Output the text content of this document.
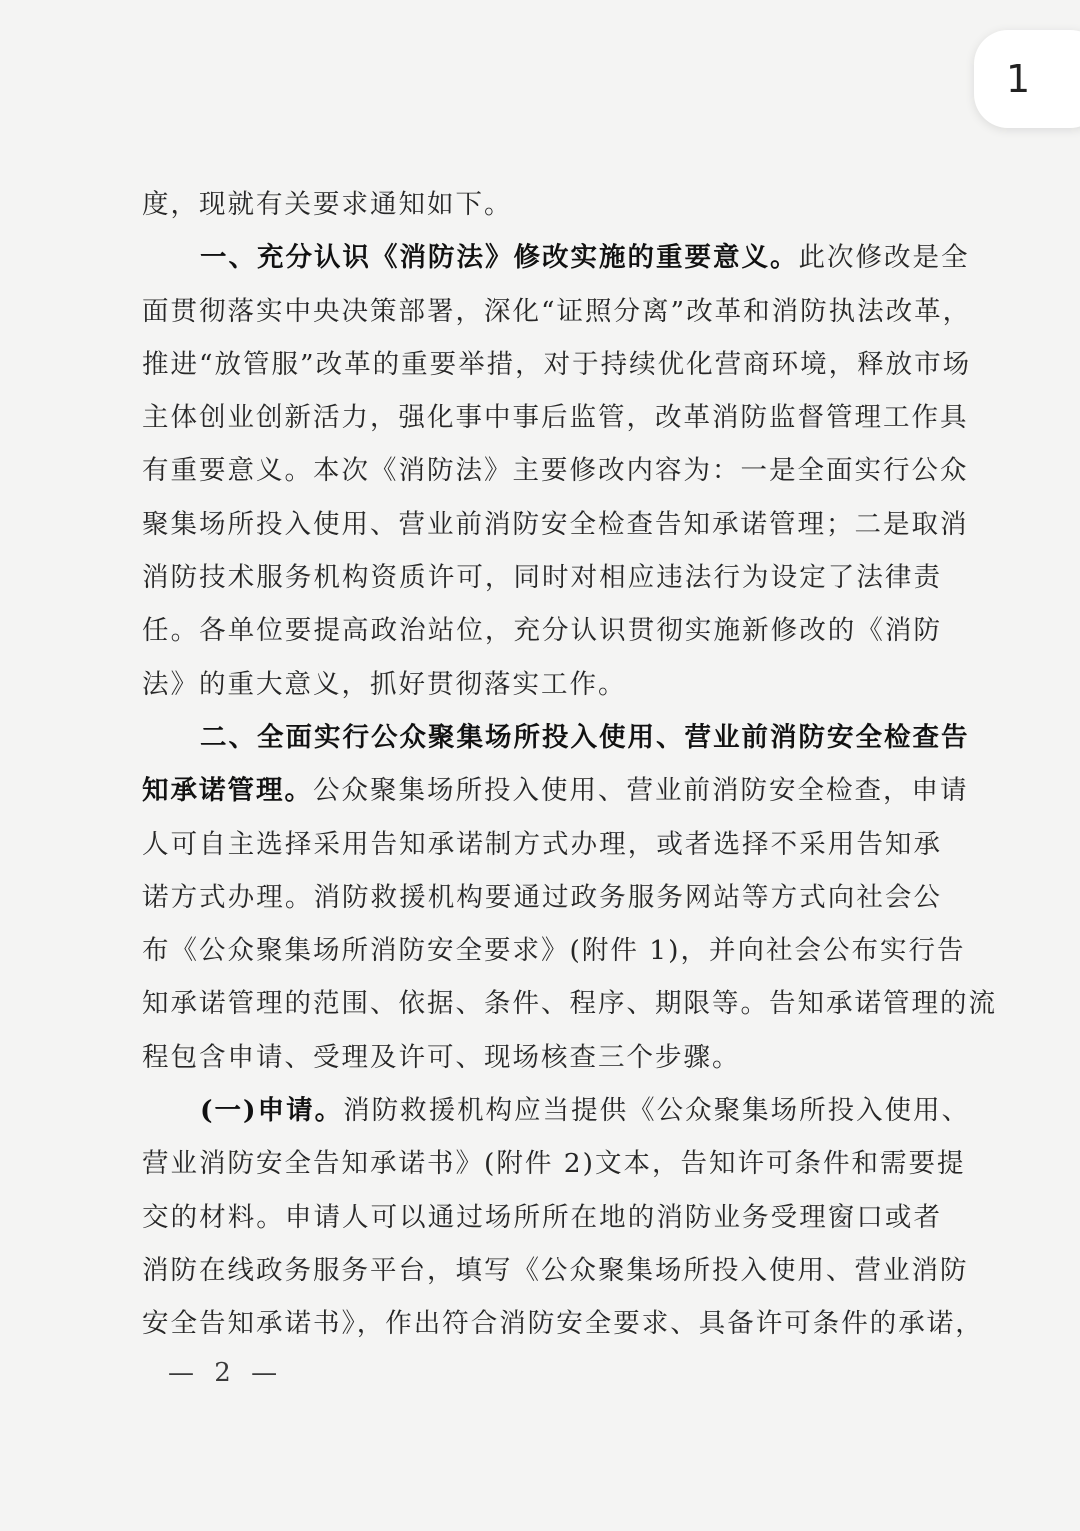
1
度，现就有关要求通知如下。
一、充分认识《消防法》修改实施的重要意义。此次修改是全
面贯彻落实中央决策部署，深化“证照分离”改革和消防执法改革，
推进“放管服”改革的重要举措，对于持续优化营商环境，释放市场
主体创业创新活力，强化事中事后监管，改革消防监督管理工作具
有重要意义。本次《消防法》主要修改内容为：一是全面实行公众
聚集场所投入使用、营业前消防安全检查告知承诺管理；二是取消
消防技术服务机构资质许可，同时对相应违法行为设定了法律责
任。各单位要提高政治站位，充分认识贯彻实施新修改的《消防
法》的重大意义，抓好贯彻落实工作。
二、全面实行公众聚集场所投入使用、营业前消防安全检查告
知承诺管理。公众聚集场所投入使用、营业前消防安全检查，申请
人可自主选择采用告知承诺制方式办理，或者选择不采用告知承
诺方式办理。消防救援机构要通过政务服务网站等方式向社会公
布《公众聚集场所消防安全要求》(附件 1)，并向社会公布实行告
知承诺管理的范围、依据、条件、程序、期限等。告知承诺管理的流
程包含申请、受理及许可、现场核查三个步骤。
(一)申请。消防救援机构应当提供《公众聚集场所投入使用、
营业消防安全告知承诺书》(附件 2)文本，告知许可条件和需要提
交的材料。申请人可以通过场所所在地的消防业务受理窗口或者
消防在线政务服务平台，填写《公众聚集场所投入使用、营业消防
安全告知承诺书》，作出符合消防安全要求、具备许可条件的承诺，
— 2 —
